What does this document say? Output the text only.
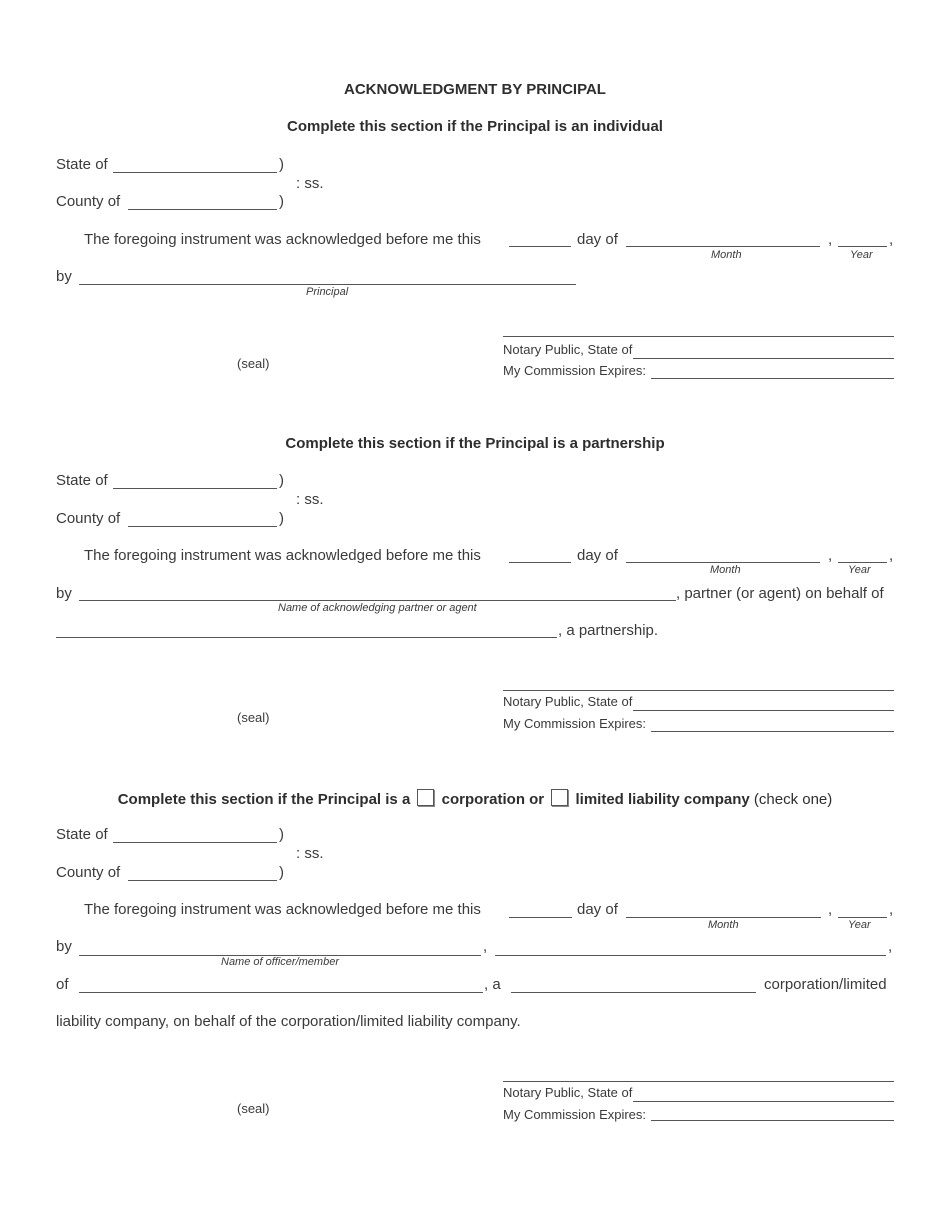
ACKNOWLEDGMENT BY PRINCIPAL
Complete this section if the Principal is an individual
State of	)
: ss.
County of	)
The foregoing instrument was acknowledged before me this	day of	,	,
Month	Year
by
Principal
(seal)
Notary Public, State of
My Commission Expires:
Complete this section if the Principal is a partnership
State of	)
: ss.
County of	)
The foregoing instrument was acknowledged before me this	day of	,	,
Month	Year
by	, partner (or agent) on behalf of
Name of acknowledging partner or agent
, a partnership.
(seal)
Notary Public, State of
My Commission Expires:
Complete this section if the Principal is a corporation or limited liability company (check one)
State of	)
: ss.
County of	)
The foregoing instrument was acknowledged before me this	day of	,	,
Month	Year
by	,	,
Name of officer/member
of	, a	corporation/limited
liability company, on behalf of the corporation/limited liability company.
(seal)
Notary Public, State of
My Commission Expires:
